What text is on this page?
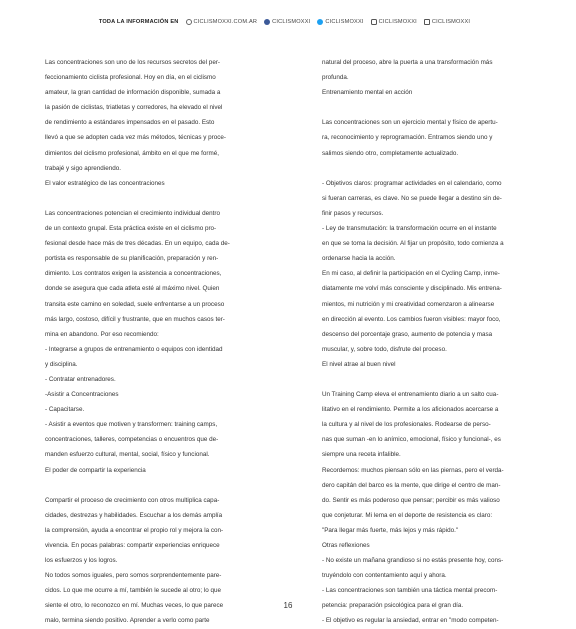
TODA LA INFORMACIÓN EN	CICLISMOXXI.COM.AR	CICLISMOXXI	CICLISMOXXI	CICLISMOXXI	CICLISMOXXI
Las concentraciones son uno de los recursos secretos del per-
feccionamiento ciclista profesional. Hoy en día, en el ciclismo
amateur, la gran cantidad de información disponible, sumada a
la pasión de ciclistas, triatletas y corredores, ha elevado el nivel
de rendimiento a estándares impensados en el pasado. Esto
llevó a que se adopten cada vez más métodos, técnicas y proce-
dimientos del ciclismo profesional, ámbito en el que me formé,
trabajé y sigo aprendiendo.
El valor estratégico de las concentraciones
Las concentraciones potencian el crecimiento individual dentro
de un contexto grupal. Esta práctica existe en el ciclismo pro-
fesional desde hace más de tres décadas. En un equipo, cada de-
portista es responsable de su planificación, preparación y ren-
dimiento. Los contratos exigen la asistencia a concentraciones,
donde se asegura que cada atleta esté al máximo nivel. Quien
transita este camino en soledad, suele enfrentarse a un proceso
más largo, costoso, difícil y frustrante, que en muchos casos ter-
mina en abandono. Por eso recomiendo:
- Integrarse a grupos de entrenamiento o equipos con identidad
y disciplina.
- Contratar entrenadores.
-Asistir a Concentraciones
- Capacitarse.
- Asistir a eventos que motiven y transformen: training camps,
concentraciones, talleres, competencias o encuentros que de-
manden esfuerzo cultural, mental, social, físico y funcional.
El poder de compartir la experiencia
Compartir el proceso de crecimiento con otros multiplica capa-
cidades, destrezas y habilidades. Escuchar a los demás amplía
la comprensión, ayuda a encontrar el propio rol y mejora la con-
vivencia. En pocas palabras: compartir experiencias enriquece
los esfuerzos y los logros.
No todos somos iguales, pero somos sorprendentemente pare-
cidos. Lo que me ocurre a mí, también le sucede al otro; lo que
siente el otro, lo reconozco en mí. Muchas veces, lo que parece
malo, termina siendo positivo. Aprender a verlo como parte
natural del proceso, abre la puerta a una transformación más
profunda.
Entrenamiento mental en acción
Las concentraciones son un ejercicio mental y físico de apertu-
ra, reconocimiento y reprogramación. Entramos siendo uno y
salimos siendo otro, completamente actualizado.
- Objetivos claros: programar actividades en el calendario, como
si fueran carreras, es clave. No se puede llegar a destino sin de-
finir pasos y recursos.
- Ley de transmutación: la transformación ocurre en el instante
en que se toma la decisión. Al fijar un propósito, todo comienza a
ordenarse hacia la acción.
En mi caso, al definir la participación en el Cycling Camp, inme-
diatamente me volví más consciente y disciplinado. Mis entrena-
mientos, mi nutrición y mi creatividad comenzaron a alinearse
en dirección al evento. Los cambios fueron visibles: mayor foco,
descenso del porcentaje graso, aumento de potencia y masa
muscular, y, sobre todo, disfrute del proceso.
El nivel atrae al buen nivel
Un Training Camp eleva el entrenamiento diario a un salto cua-
litativo en el rendimiento. Permite a los aficionados acercarse a
la cultura y al nivel de los profesionales. Rodearse de perso-
nas que suman -en lo anímico, emocional, físico y funcional-, es
siempre una receta infalible.
Recordemos: muchos piensan sólo en las piernas, pero el verda-
dero capitán del barco es la mente, que dirige el centro de man-
do. Sentir es más poderoso que pensar; percibir es más valioso
que conjeturar. Mi lema en el deporte de resistencia es claro:
"Para llegar más fuerte, más lejos y más rápido."
Otras reflexiones
- No existe un mañana grandioso si no estás presente hoy, cons-
truyéndolo con contentamiento aquí y ahora.
- Las concentraciones son también una táctica mental precom-
petencia: preparación psicológica para el gran día.
- El objetivo es regular la ansiedad, entrar en "modo competen-
16
